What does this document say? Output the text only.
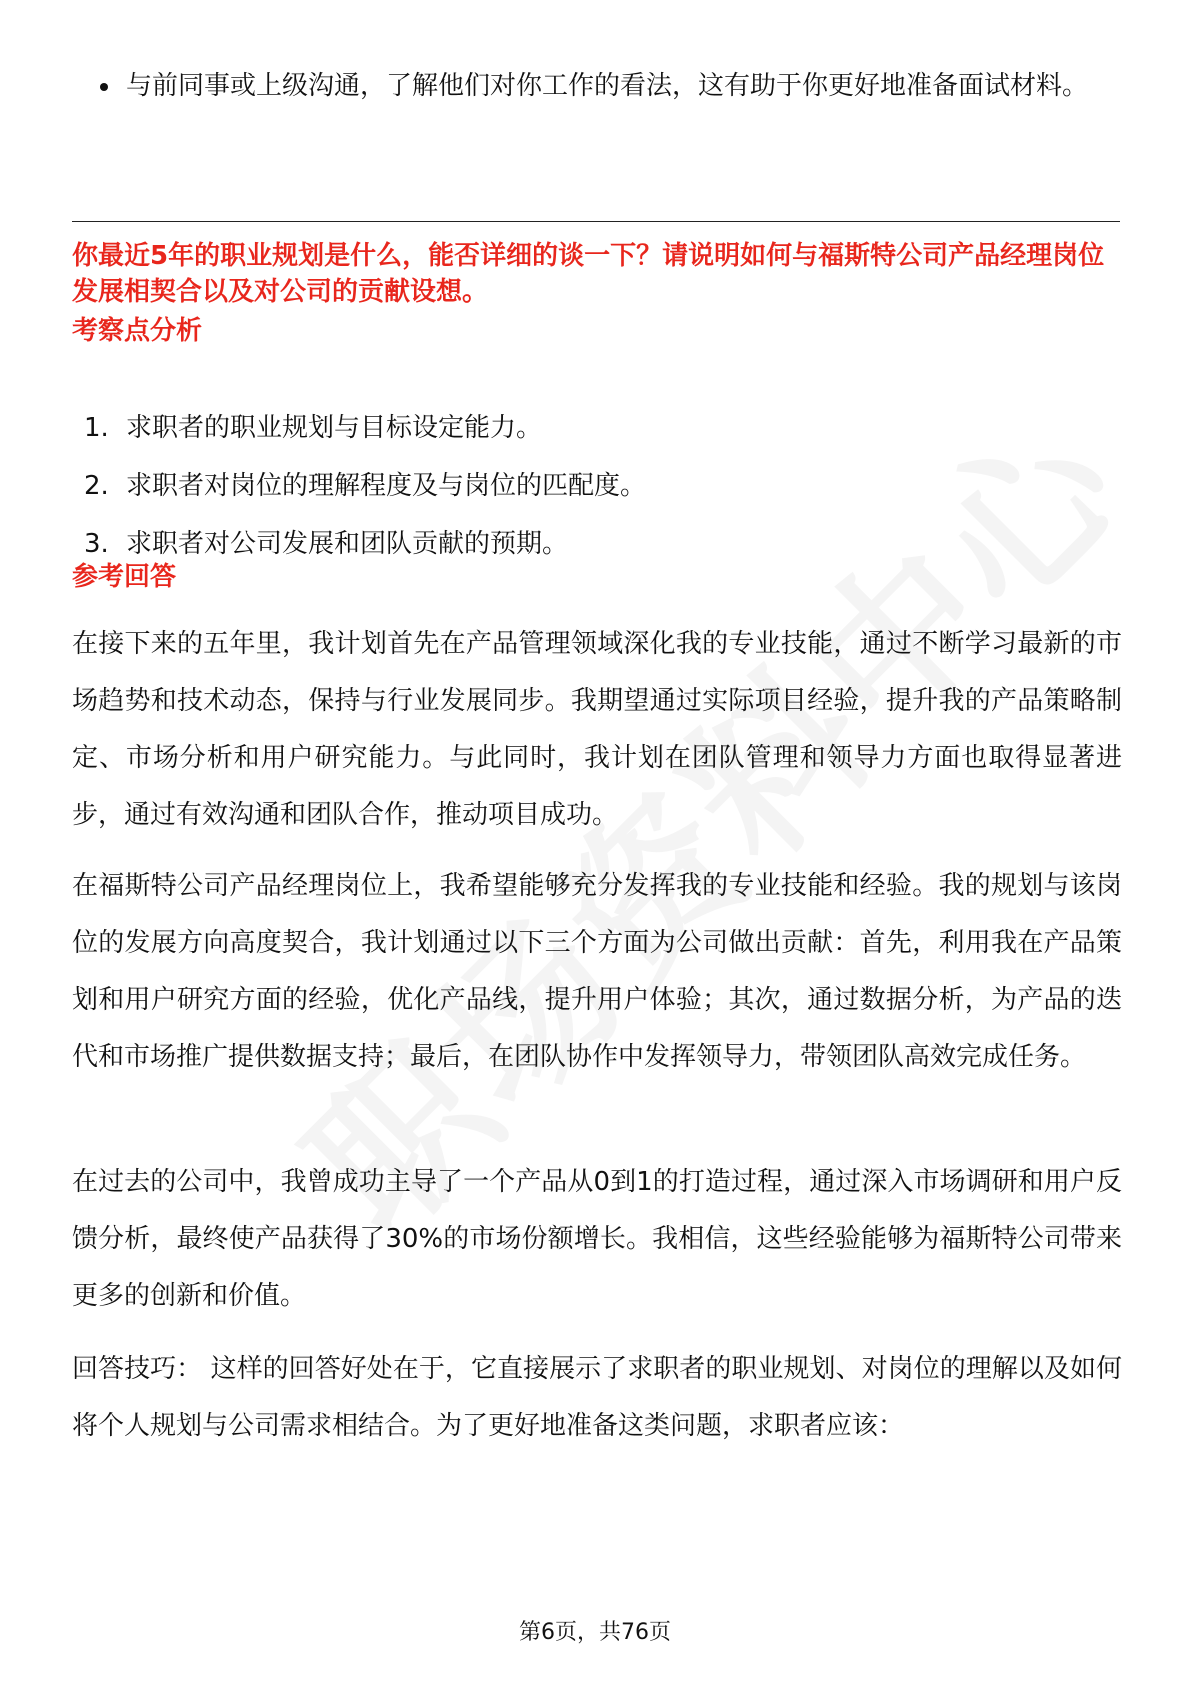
与前同事或上级沟通，了解他们对你工作的看法，这有助于你更好地准备面试材料。
你最近5年的职业规划是什么，能否详细的谈一下？请说明如何与福斯特公司产品经理岗位发展相契合以及对公司的贡献设想。
考察点分析
1. 求职者的职业规划与目标设定能力。
2. 求职者对岗位的理解程度及与岗位的匹配度。
3. 求职者对公司发展和团队贡献的预期。
参考回答
在接下来的五年里，我计划首先在产品管理领域深化我的专业技能，通过不断学习最新的市场趋势和技术动态，保持与行业发展同步。我期望通过实际项目经验，提升我的产品策略制定、市场分析和用户研究能力。与此同时，我计划在团队管理和领导力方面也取得显著进步，通过有效沟通和团队合作，推动项目成功。
在福斯特公司产品经理岗位上，我希望能够充分发挥我的专业技能和经验。我的规划与该岗位的发展方向高度契合，我计划通过以下三个方面为公司做出贡献：首先，利用我在产品策划和用户研究方面的经验，优化产品线，提升用户体验；其次，通过数据分析，为产品的迭代和市场推广提供数据支持；最后，在团队协作中发挥领导力，带领团队高效完成任务。
在过去的公司中，我曾成功主导了一个产品从0到1的打造过程，通过深入市场调研和用户反馈分析，最终使产品获得了30%的市场份额增长。我相信，这些经验能够为福斯特公司带来更多的创新和价值。
回答技巧： 这样的回答好处在于，它直接展示了求职者的职业规划、对岗位的理解以及如何将个人规划与公司需求相结合。为了更好地准备这类问题，求职者应该：
第6页，共76页
